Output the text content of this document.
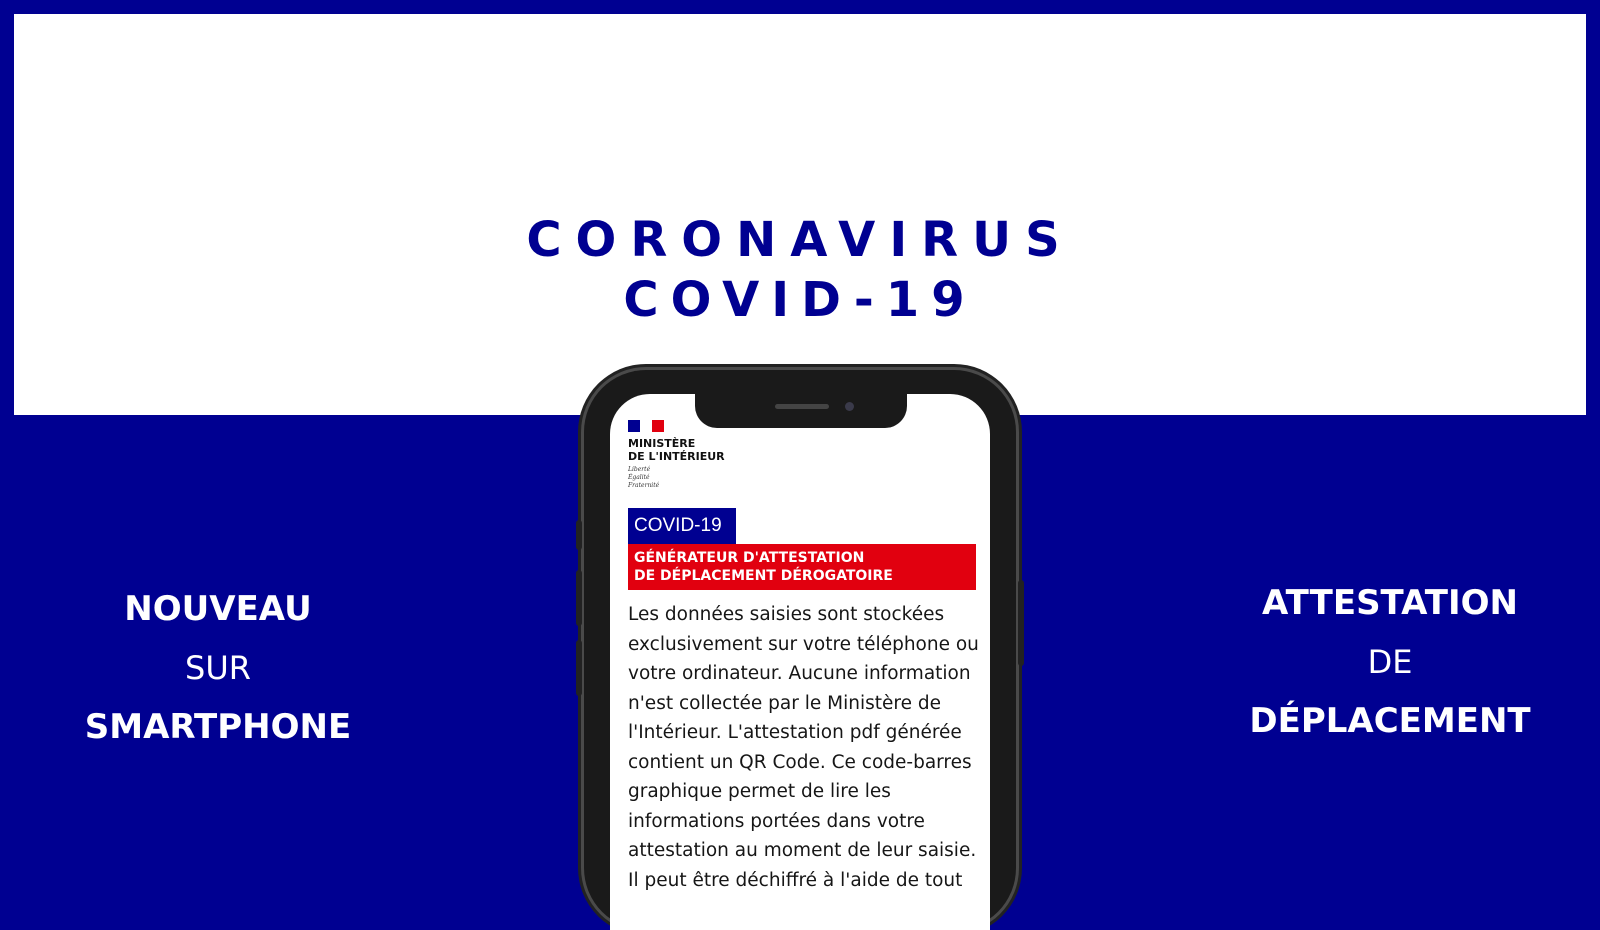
CORONAVIRUS
COVID-19
NOUVEAU
SUR
SMARTPHONE
ATTESTATION
DE
DÉPLACEMENT
MINISTÈRE
DE L'INTÉRIEUR
Liberté
Égalité
Fraternité
COVID-19
GÉNÉRATEUR D'ATTESTATION
DE DÉPLACEMENT DÉROGATOIRE
Les données saisies sont stockées exclusivement sur votre téléphone ou votre ordinateur. Aucune information n'est collectée par le Ministère de l'Intérieur. L'attestation pdf générée contient un QR Code. Ce code-barres graphique permet de lire les informations portées dans votre attestation au moment de leur saisie. Il peut être déchiffré à l'aide de tout
